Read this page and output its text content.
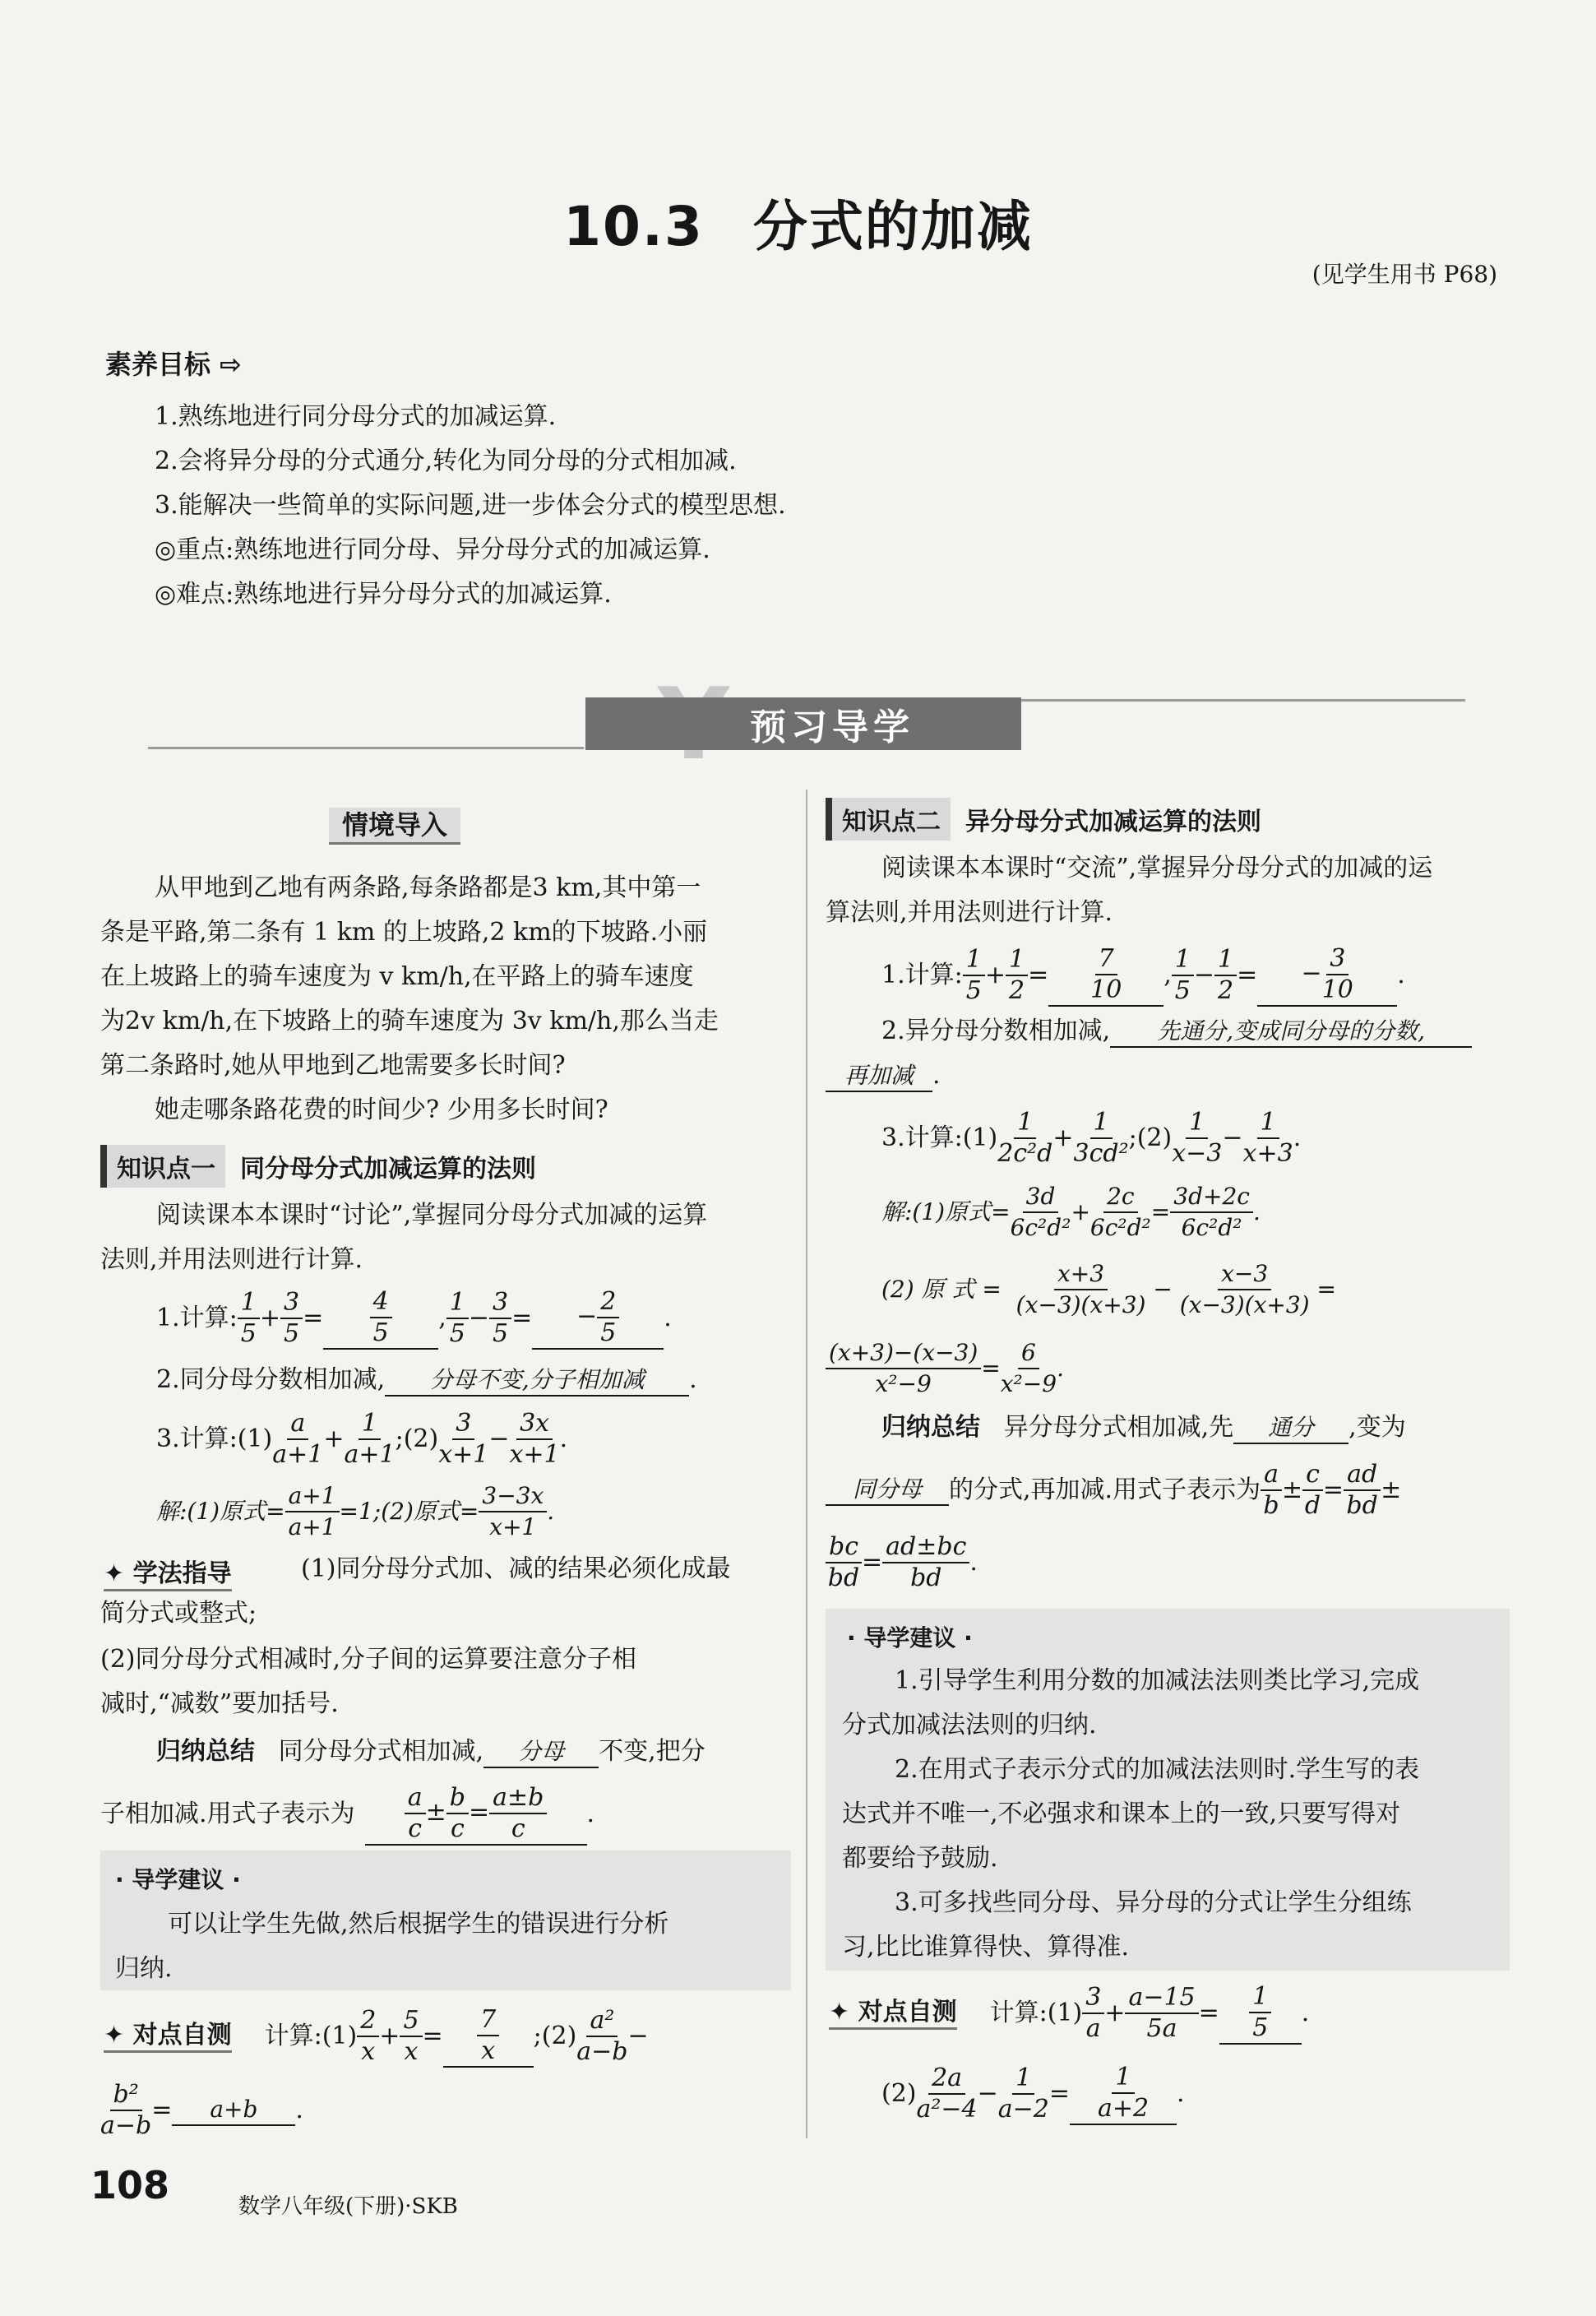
10.3 分式的加减
(见学生用书 P68)
素养目标 ⇨
1.熟练地进行同分母分式的加减运算.
2.会将异分母的分式通分,转化为同分母的分式相加减.
3.能解决一些简单的实际问题,进一步体会分式的模型思想.
◎重点:熟练地进行同分母、异分母分式的加减运算.
◎难点:熟练地进行异分母分式的加减运算.
预习导学
情境导入
从甲地到乙地有两条路,每条路都是3 km,其中第一
条是平路,第二条有 1 km 的上坡路,2 km的下坡路.小丽
在上坡路上的骑车速度为 v km/h,在平路上的骑车速度
为2v km/h,在下坡路上的骑车速度为 3v km/h,那么当走
第二条路时,她从甲地到乙地需要多长时间?
她走哪条路花费的时间少? 少用多长时间?
知识点一	同分母分式加减运算的法则
阅读课本本课时“讨论”,掌握同分母分式加减的运算
法则,并用法则进行计算.
1.计算: $\frac{1}{5} + \frac{3}{5} = \frac{4}{5}$ , $\frac{1}{5} - \frac{3}{5}$ =	− $\frac{2}{5}$ .
2.同分母分数相加减, 分母不变,分子相加减 .
3.计算:(1) $\frac{a}{a+1} + \frac{1}{a+1}$ ;(2) $\frac{3}{x+1} - \frac{3x}{x+1}$ .
解:(1)原式= $\frac{a+1}{a+1}$ =1;(2)原式= $\frac{3-3x}{x+1}$ .
✦ 学法指导	(1)同分母分式加、减的结果必须化成最
简分式或整式;
(2)同分母分式相减时,分子间的运算要注意分子相
减时,“减数”要加括号.
归纳总结 同分母分式相加减, 分母 不变,把分
子相加减.用式子表示为 $\frac{a}{c} \pm \frac{b}{c} = \frac{a\pm b}{c}$ .
· 导学建议 ·
可以让学生先做,然后根据学生的错误进行分析
归纳.
✦ 对点自测 计算:(1) $\frac{2}{x} + \frac{5}{x} = \frac{7}{x}$ ;(2) $\frac{\text{a²}}{a-b}$ −
$\frac{\text{b²}}{a-b}$ =	a+b	.
知识点二	异分母分式加减运算的法则
阅读课本本课时“交流”,掌握异分母分式的加减的运
算法则,并用法则进行计算.
1.计算: $\frac{1}{5} + \frac{1}{2} = \frac{7}{10}$ , $\frac{1}{5} - \frac{1}{2}$ =	− $\frac{3}{10}$ .
2.异分母分数相加减, 先通分,变成同分母的分数,
再加减 .
3.计算:(1) $\frac{1}{\text{2c²d}} + \frac{1}{\text{3cd²}}$ ;(2) $\frac{1}{x-3} - \frac{1}{x+3}$ .
解:(1)原式= $\frac{3d}{\text{6c²d²}} + \frac{2c}{\text{6c²d²}} = \frac{3d+2c}{\text{6c²d²}}$ .
(2) 原 式 =
$\frac{x+3}{(x-3)(x+3)} - \frac{x-3}{(x-3)(x+3)}$ =
$\frac{(x+3)-(x-3)}{\text{x²−9}} = \frac{6}{\text{x²−9}}$ .
归纳总结 异分母分式相加减,先 通分 ,变为
同分母	的分式,再加减.用式子表示为 $\frac{a}{b} \pm \frac{c}{d} = \frac{ad}{bd}$ ±
$\frac{bc}{bd} = \frac{ad\pm bc}{bd}$ .
· 导学建议 ·
1.引导学生利用分数的加减法法则类比学习,完成
分式加减法法则的归纳.
2.在用式子表示分式的加减法法则时.学生写的表
达式并不唯一,不必强求和课本上的一致,只要写得对
都要给予鼓励.
3.可多找些同分母、异分母的分式让学生分组练
习,比比谁算得快、算得准.
✦ 对点自测 计算:(1) $\frac{3}{a} + \frac{a-15}{5a} = \frac{1}{5}$ .
$(2) \frac{2a}{\text{a²−4}} - \frac{1}{a-2} = \frac{1}{a+2}$ .
108	数学八年级(下册)·SKB
